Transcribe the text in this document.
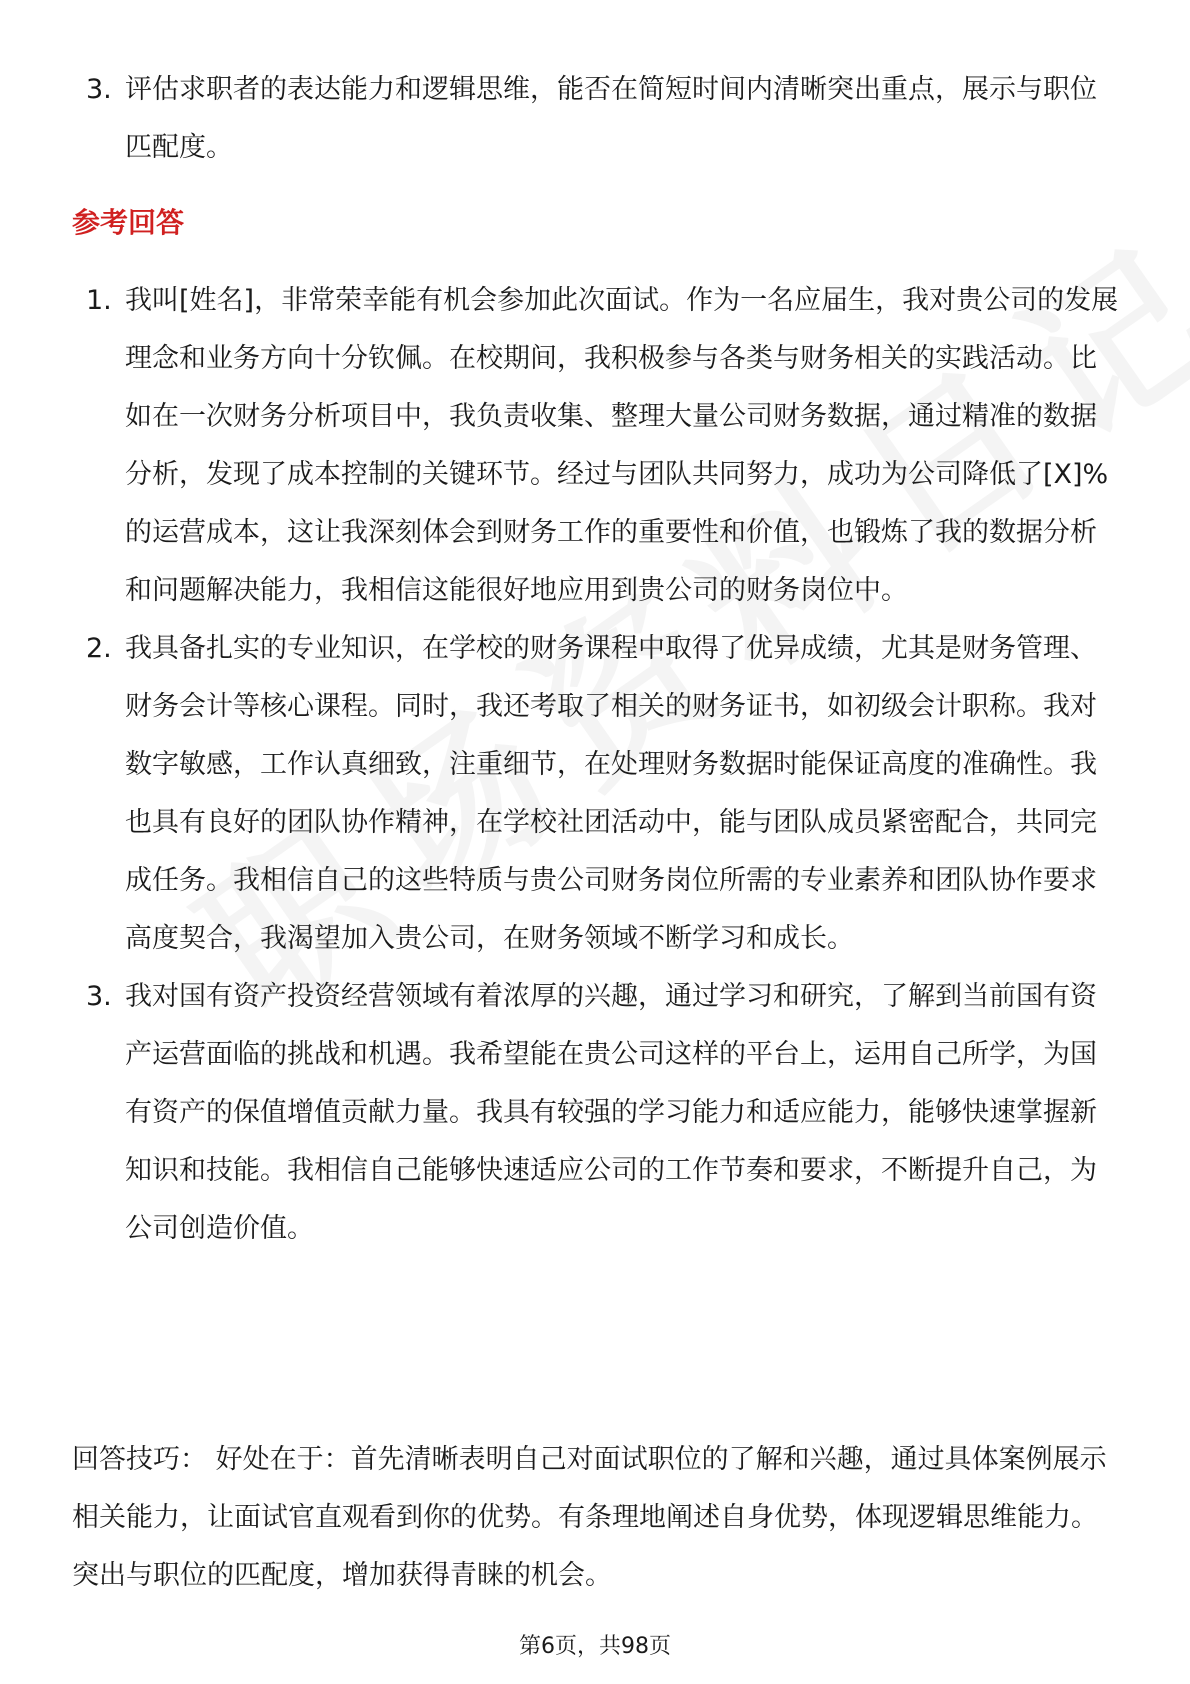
3. 评估求职者的表达能力和逻辑思维，能否在简短时间内清晰突出重点，展示与职位匹配度。
参考回答
1. 我叫[姓名]，非常荣幸能有机会参加此次面试。作为一名应届生，我对贵公司的发展理念和业务方向十分钦佩。在校期间，我积极参与各类与财务相关的实践活动。比如在一次财务分析项目中，我负责收集、整理大量公司财务数据，通过精准的数据分析，发现了成本控制的关键环节。经过与团队共同努力，成功为公司降低了[X]%的运营成本，这让我深刻体会到财务工作的重要性和价值，也锻炼了我的数据分析和问题解决能力，我相信这能很好地应用到贵公司的财务岗位中。
2. 我具备扎实的专业知识，在学校的财务课程中取得了优异成绩，尤其是财务管理、财务会计等核心课程。同时，我还考取了相关的财务证书，如初级会计职称。我对数字敏感，工作认真细致，注重细节，在处理财务数据时能保证高度的准确性。我也具有良好的团队协作精神，在学校社团活动中，能与团队成员紧密配合，共同完成任务。我相信自己的这些特质与贵公司财务岗位所需的专业素养和团队协作要求高度契合，我渴望加入贵公司，在财务领域不断学习和成长。
3. 我对国有资产投资经营领域有着浓厚的兴趣，通过学习和研究，了解到当前国有资产运营面临的挑战和机遇。我希望能在贵公司这样的平台上，运用自己所学，为国有资产的保值增值贡献力量。我具有较强的学习能力和适应能力，能够快速掌握新知识和技能。我相信自己能够快速适应公司的工作节奏和要求，不断提升自己，为公司创造价值。

回答技巧： 好处在于：首先清晰表明自己对面试职位的了解和兴趣，通过具体案例展示相关能力，让面试官直观看到你的优势。有条理地阐述自身优势，体现逻辑思维能力。突出与职位的匹配度，增加获得青睐的机会。

第6页，共98页
